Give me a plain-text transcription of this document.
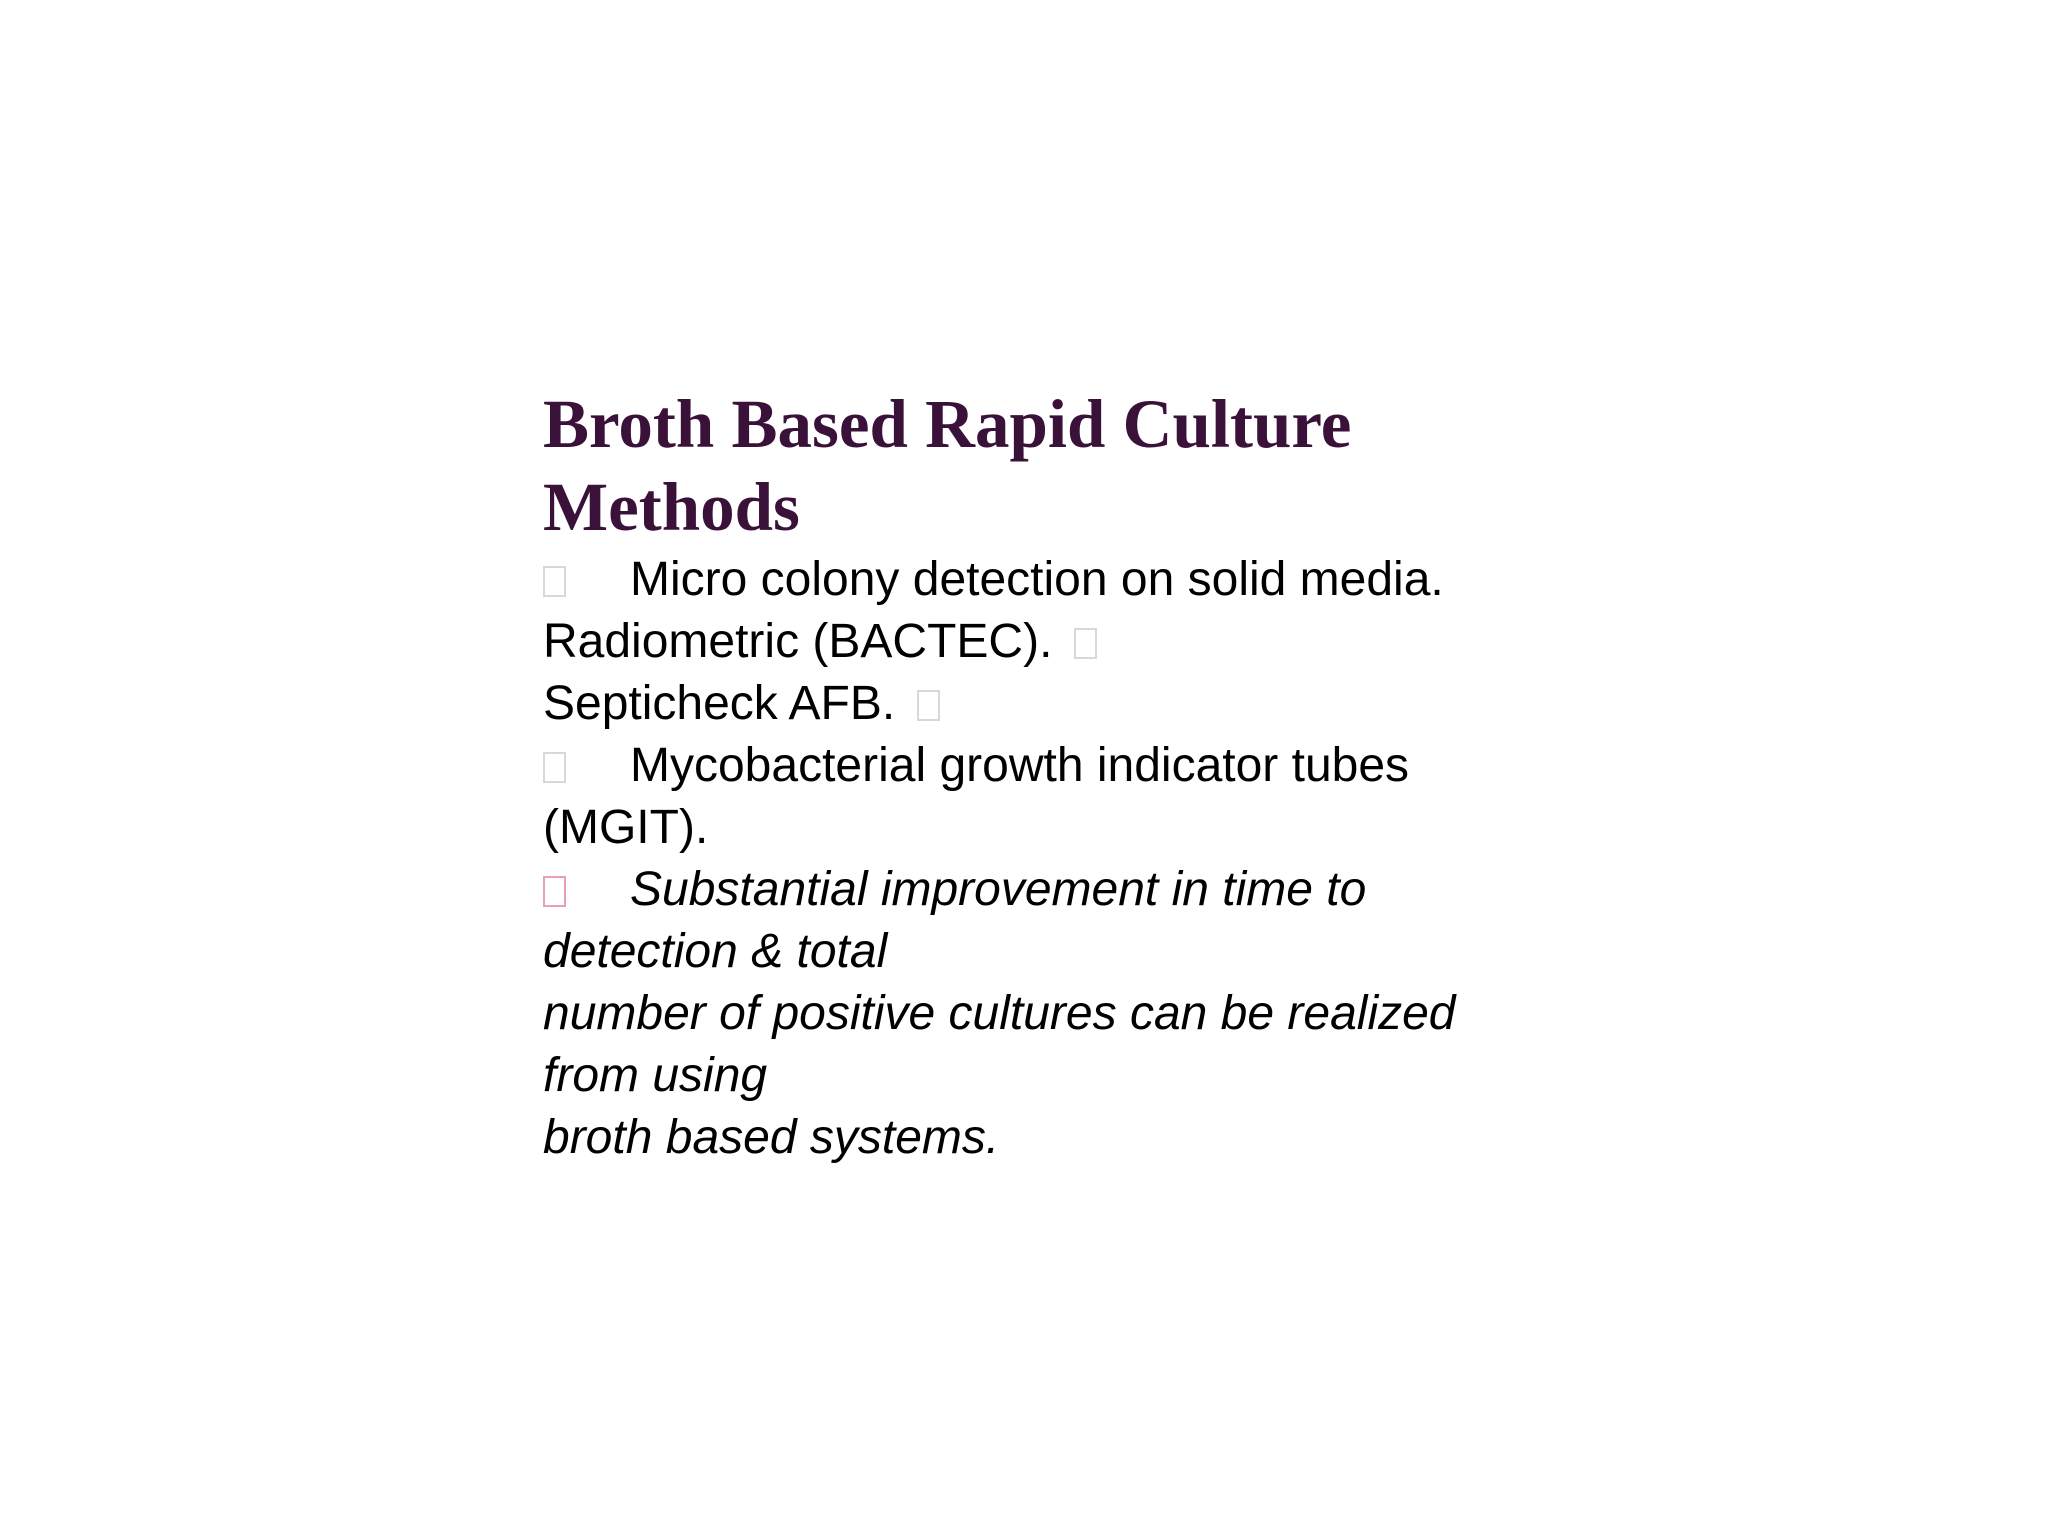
Broth Based Rapid Culture
Methods
Micro colony detection on solid media.
Radiometric (BACTEC).
Septicheck AFB.
Mycobacterial growth indicator tubes
(MGIT).
Substantial improvement in time to
detection & total
number of positive cultures can be realized
from using
broth based systems.
